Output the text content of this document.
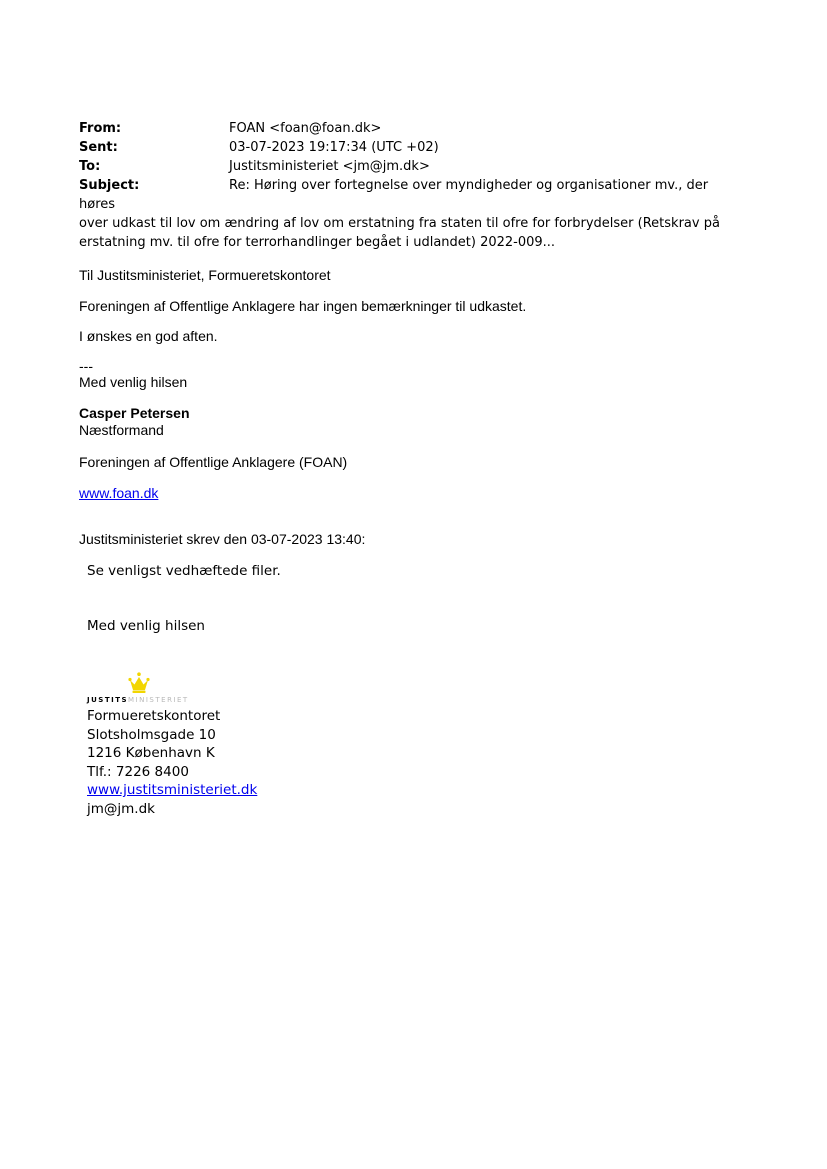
From:	FOAN <foan@foan.dk>
Sent:	03-07-2023 19:17:34 (UTC +02)
To:	Justitsministeriet <jm@jm.dk>
Subject:	Re: Høring over fortegnelse over myndigheder og organisationer mv., der høres
over udkast til lov om ændring af lov om erstatning fra staten til ofre for forbrydelser (Retskrav på
erstatning mv. til ofre for terrorhandlinger begået i udlandet) 2022-009...
Til Justitsministeriet, Formueretskontoret
Foreningen af Offentlige Anklagere har ingen bemærkninger til udkastet.
I ønskes en god aften.
---
Med venlig hilsen
Casper Petersen
Næstformand
Foreningen af Offentlige Anklagere (FOAN)
www.foan.dk
Justitsministeriet skrev den 03-07-2023 13:40:
Se venligst vedhæftede filer.
Med venlig hilsen
JUSTITSMINISTERIET
Formueretskontoret
Slotsholmsgade 10
1216 København K
Tlf.: 7226 8400
www.justitsministeriet.dk
jm@jm.dk
